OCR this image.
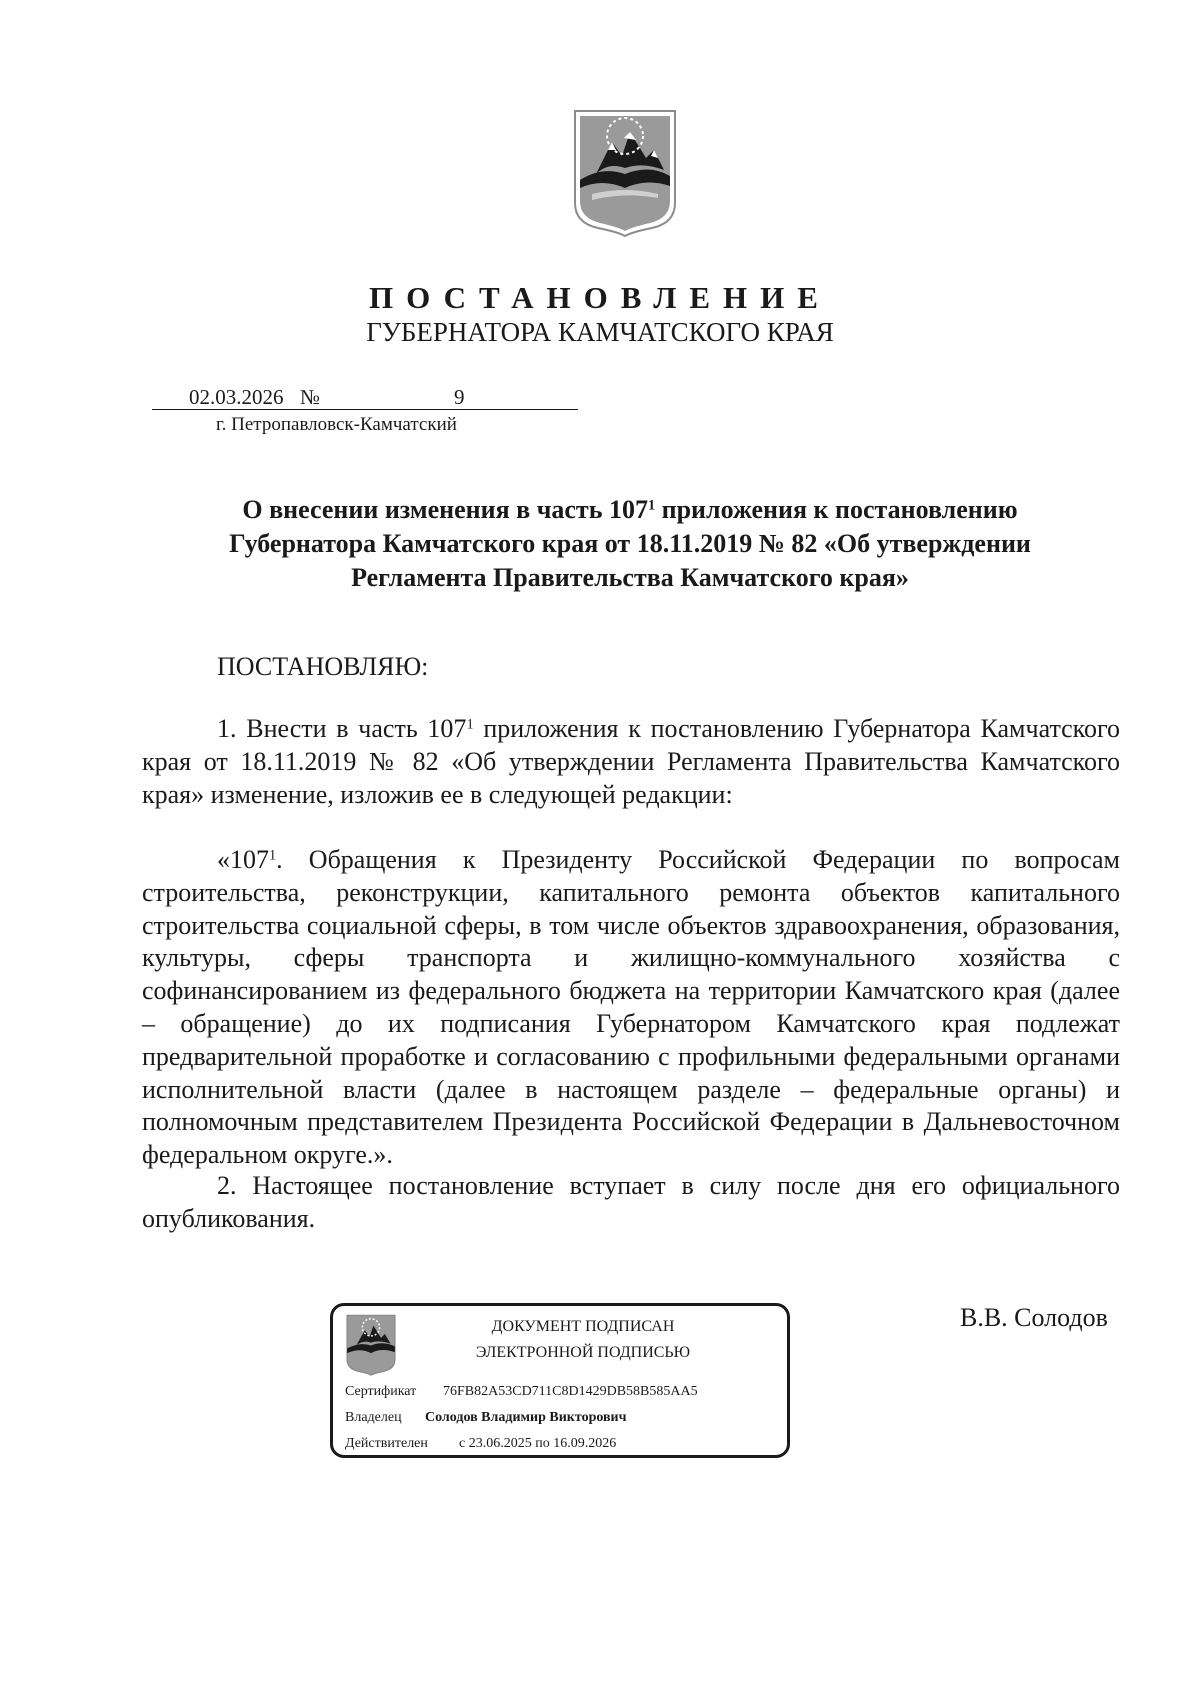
ПОСТАНОВЛЕНИЕ
ГУБЕРНАТОРА КАМЧАТСКОГО КРАЯ
02.03.2026 №	9
г. Петропавловск-Камчатский
О внесении изменения в часть $107^1$ приложения к постановлению
Губернатора Камчатского края от 18.11.2019 № 82 «Об утверждении
Регламента Правительства Камчатского края»
ПОСТАНОВЛЯЮ:

1. Внести в часть $107^1$ приложения к постановлению Губернатора Камчатского края от 18.11.2019 № 82 «Об утверждении Регламента Правительства Камчатского края» изменение, изложив ее в следующей редакции:

«$107^1$. Обращения к Президенту Российской Федерации по вопросам строительства, реконструкции, капитального ремонта объектов капитального строительства социальной сферы, в том числе объектов здравоохранения, образования, культуры, сферы транспорта и жилищно-коммунального хозяйства с софинансированием из федерального бюджета на территории Камчатского края (далее – обращение) до их подписания Губернатором Камчатского края подлежат предварительной проработке и согласованию с профильными федеральными органами исполнительной власти (далее в настоящем разделе – федеральные органы) и полномочным представителем Президента Российской Федерации в Дальневосточном федеральном округе.».

2. Настоящее постановление вступает в силу после дня его официального опубликования.

ДОКУМЕНТ ПОДПИСАН
ЭЛЕКТРОННОЙ ПОДПИСЬЮ
Сертификат 76FB82A53CD711C8D1429DB58B585AA5
Владелец Солодов Владимир Викторович
Действителен с 23.06.2025 по 16.09.2026
В.В. Солодов
